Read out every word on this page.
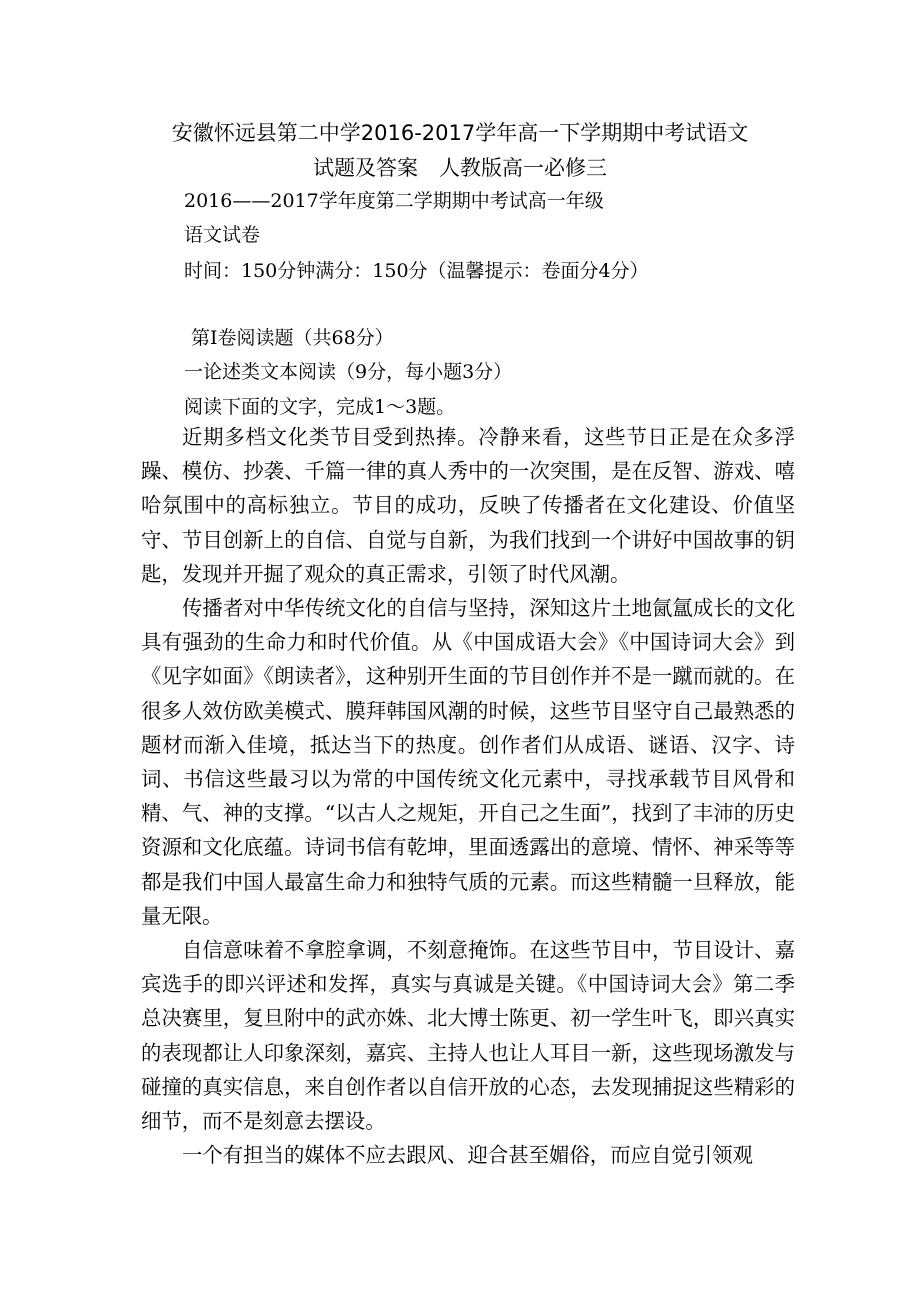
安徽怀远县第二中学2016-2017学年高一下学期期中考试语文
试题及答案　人教版高一必修三

2016——2017学年度第二学期期中考试高一年级

语文试卷

时间：150分钟满分：150分（温馨提示：卷面分4分）

第Ⅰ卷阅读题（共68分）

一论述类文本阅读（9分，每小题3分）

阅读下面的文字，完成1～3题。

近期多档文化类节目受到热捧。冷静来看，这些节日正是在众多浮躁、模仿、抄袭、千篇一律的真人秀中的一次突围，是在反智、游戏、嘻哈氛围中的高标独立。节目的成功，反映了传播者在文化建设、价值坚守、节目创新上的自信、自觉与自新，为我们找到一个讲好中国故事的钥匙，发现并开掘了观众的真正需求，引领了时代风潮。

传播者对中华传统文化的自信与坚持，深知这片土地氤氲成长的文化具有强劲的生命力和时代价值。从《中国成语大会》《中国诗词大会》到《见字如面》《朗读者》，这种别开生面的节目创作并不是一蹴而就的。在很多人效仿欧美模式、膜拜韩国风潮的时候，这些节目坚守自己最熟悉的题材而渐入佳境，抵达当下的热度。创作者们从成语、谜语、汉字、诗词、书信这些最习以为常的中国传统文化元素中，寻找承载节目风骨和精、气、神的支撑。“以古人之规矩，开自己之生面”，找到了丰沛的历史资源和文化底蕴。诗词书信有乾坤，里面透露出的意境、情怀、神采等等都是我们中国人最富生命力和独特气质的元素。而这些精髓一旦释放，能量无限。

自信意味着不拿腔拿调，不刻意掩饰。在这些节目中，节目设计、嘉宾选手的即兴评述和发挥，真实与真诚是关键。《中国诗词大会》第二季总决赛里，复旦附中的武亦姝、北大博士陈更、初一学生叶飞，即兴真实的表现都让人印象深刻，嘉宾、主持人也让人耳目一新，这些现场激发与碰撞的真实信息，来自创作者以自信开放的心态，去发现捕捉这些精彩的细节，而不是刻意去摆设。

一个有担当的媒体不应去跟风、迎合甚至媚俗，而应自觉引领观
